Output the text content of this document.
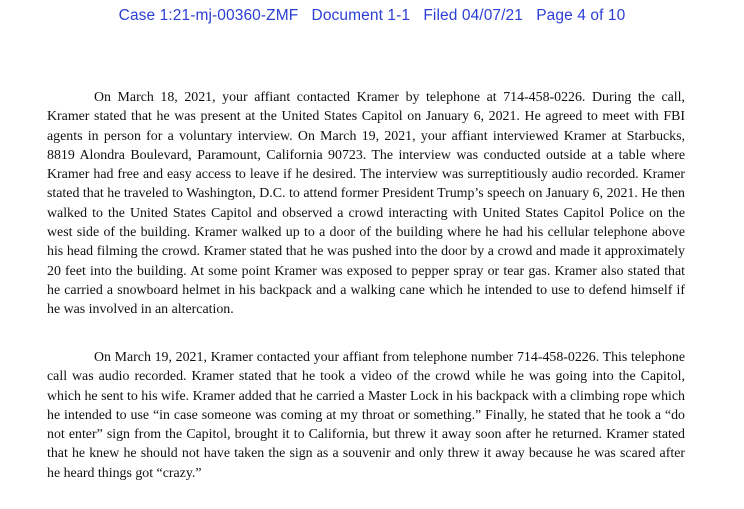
Case 1:21-mj-00360-ZMF Document 1-1 Filed 04/07/21 Page 4 of 10

On March 18, 2021, your affiant contacted Kramer by telephone at 714-458-0226. During the call, Kramer stated that he was present at the United States Capitol on January 6, 2021. He agreed to meet with FBI agents in person for a voluntary interview. On March 19, 2021, your affiant interviewed Kramer at Starbucks, 8819 Alondra Boulevard, Paramount, California 90723. The interview was conducted outside at a table where Kramer had free and easy access to leave if he desired. The interview was surreptitiously audio recorded. Kramer stated that he traveled to Washington, D.C. to attend former President Trump’s speech on January 6, 2021. He then walked to the United States Capitol and observed a crowd interacting with United States Capitol Police on the west side of the building. Kramer walked up to a door of the building where he had his cellular telephone above his head filming the crowd. Kramer stated that he was pushed into the door by a crowd and made it approximately 20 feet into the building. At some point Kramer was exposed to pepper spray or tear gas. Kramer also stated that he carried a snowboard helmet in his backpack and a walking cane which he intended to use to defend himself if he was involved in an altercation.

On March 19, 2021, Kramer contacted your affiant from telephone number 714-458-0226. This telephone call was audio recorded. Kramer stated that he took a video of the crowd while he was going into the Capitol, which he sent to his wife. Kramer added that he carried a Master Lock in his backpack with a climbing rope which he intended to use “in case someone was coming at my throat or something.” Finally, he stated that he took a “do not enter” sign from the Capitol, brought it to California, but threw it away soon after he returned. Kramer stated that he knew he should not have taken the sign as a souvenir and only threw it away because he was scared after he heard things got “crazy.”
